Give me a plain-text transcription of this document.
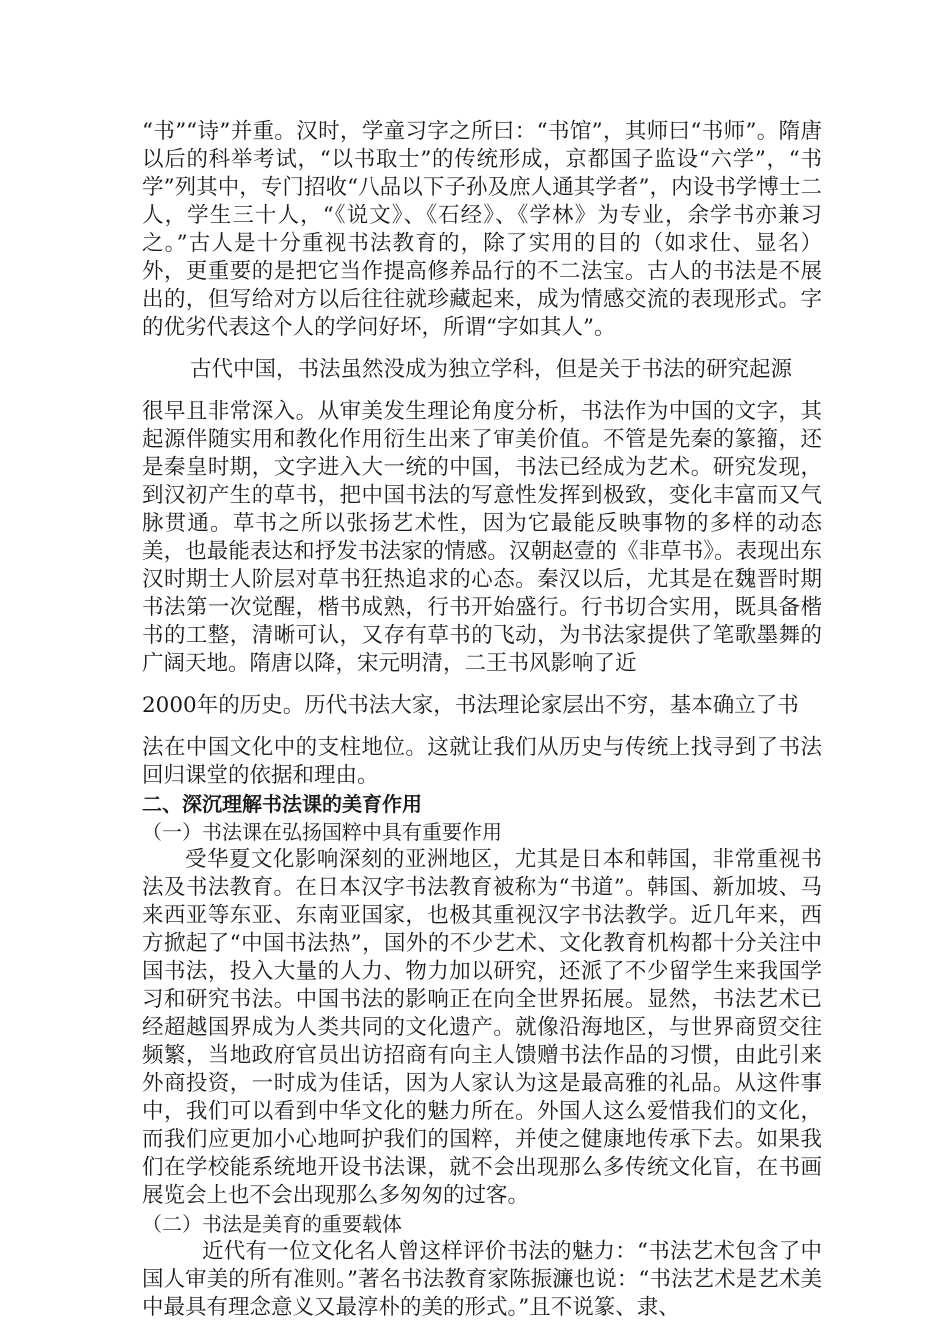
“书”“诗”并重。汉时，学童习字之所曰：“书馆”，其师曰“书师”。隋唐以后的科举考试，“以书取士”的传统形成，京都国子监设“六学”，“书学”列其中，专门招收“八品以下子孙及庶人通其学者”，内设书学博士二人，学生三十人，“《说文》、《石经》、《学林》为专业，余学书亦兼习之。”古人是十分重视书法教育的，除了实用的目的（如求仕、显名）外，更重要的是把它当作提高修养品行的不二法宝。古人的书法是不展出的，但写给对方以后往往就珍藏起来，成为情感交流的表现形式。字的优劣代表这个人的学问好坏，所谓“字如其人”。

古代中国，书法虽然没成为独立学科，但是关于书法的研究起源

很早且非常深入。从审美发生理论角度分析，书法作为中国的文字，其起源伴随实用和教化作用衍生出来了审美价值。不管是先秦的篆籀，还是秦皇时期，文字进入大一统的中国，书法已经成为艺术。研究发现，到汉初产生的草书，把中国书法的写意性发挥到极致，变化丰富而又气脉贯通。草书之所以张扬艺术性，因为它最能反映事物的多样的动态美，也最能表达和抒发书法家的情感。汉朝赵壹的《非草书》。表现出东汉时期士人阶层对草书狂热追求的心态。秦汉以后，尤其是在魏晋时期书法第一次觉醒，楷书成熟，行书开始盛行。行书切合实用，既具备楷书的工整，清晰可认，又存有草书的飞动，为书法家提供了笔歌墨舞的广阔天地。隋唐以降，宋元明清，二王书风影响了近

2000年的历史。历代书法大家，书法理论家层出不穷，基本确立了书

法在中国文化中的支柱地位。这就让我们从历史与传统上找寻到了书法回归课堂的依据和理由。

二、深沉理解书法课的美育作用

（一）书法课在弘扬国粹中具有重要作用

受华夏文化影响深刻的亚洲地区，尤其是日本和韩国，非常重视书法及书法教育。在日本汉字书法教育被称为“书道”。韩国、新加坡、马来西亚等东亚、东南亚国家，也极其重视汉字书法教学。近几年来，西方掀起了“中国书法热”，国外的不少艺术、文化教育机构都十分关注中国书法，投入大量的人力、物力加以研究，还派了不少留学生来我国学习和研究书法。中国书法的影响正在向全世界拓展。显然，书法艺术已经超越国界成为人类共同的文化遗产。就像沿海地区，与世界商贸交往频繁，当地政府官员出访招商有向主人馈赠书法作品的习惯，由此引来外商投资，一时成为佳话，因为人家认为这是最高雅的礼品。从这件事中，我们可以看到中华文化的魅力所在。外国人这么爱惜我们的文化，而我们应更加小心地呵护我们的国粹，并使之健康地传承下去。如果我们在学校能系统地开设书法课，就不会出现那么多传统文化盲，在书画展览会上也不会出现那么多匆匆的过客。

（二）书法是美育的重要载体

近代有一位文化名人曾这样评价书法的魅力：“书法艺术包含了中国人审美的所有准则。”著名书法教育家陈振濂也说：“书法艺术是艺术美中最具有理念意义又最淳朴的美的形式。”且不说篆、隶、
